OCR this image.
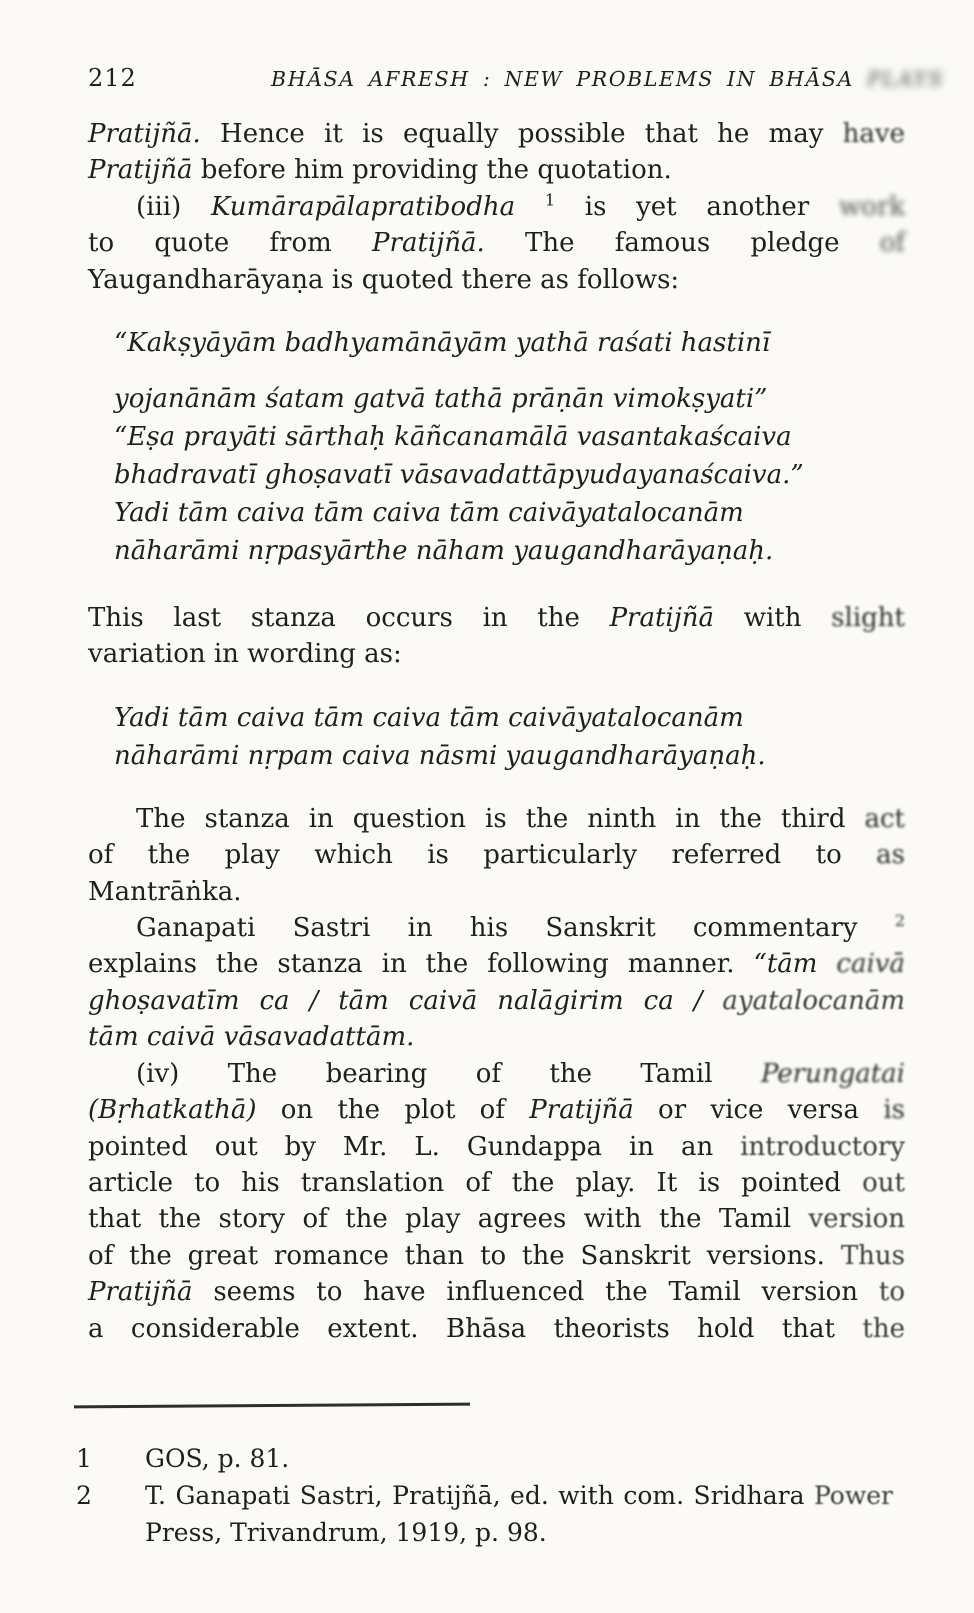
212	BHĀSA AFRESH : NEW PROBLEMS IN BHĀSA PLAYS
Pratijñā. Hence it is equally possible that he may have
Pratijñā before him providing the quotation.
(iii) Kumārapālapratibodha $^1$ is yet another work
to quote from Pratijñā. The famous pledge of
Yaugandharāyaṇa is quoted there as follows:
“Kakṣyāyām badhyamānāyām yathā raśati hastinī
yojanānām śatam gatvā tathā prāṇān vimokṣyati”
“Eṣa prayāti sārthaḥ kāñcanamālā vasantakaścaiva
bhadravatī ghoṣavatī vāsavadattāpyudayanaścaiva.”
Yadi tām caiva tām caiva tām caivāyatalocanām
nāharāmi nṛpasyārthe nāham yaugandharāyaṇaḥ.
This last stanza occurs in the Pratijñā with slight
variation in wording as:
Yadi tām caiva tām caiva tām caivāyatalocanām
nāharāmi nṛpam caiva nāsmi yaugandharāyaṇaḥ.
The stanza in question is the ninth in the third act
of the play which is particularly referred to as
Mantrāṅka.
Ganapati Sastri in his Sanskrit commentary $^2$
explains the stanza in the following manner. “tām caivā
ghoṣavatīm ca / tām caivā nalāgirim ca / ayatalocanām
tām caivā vāsavadattām.
(iv) The bearing of the Tamil Perungatai
(Bṛhatkathā) on the plot of Pratijñā or vice versa is
pointed out by Mr. L. Gundappa in an introductory
article to his translation of the play. It is pointed out
that the story of the play agrees with the Tamil version
of the great romance than to the Sanskrit versions. Thus
Pratijñā seems to have influenced the Tamil version to
a considerable extent. Bhāsa theorists hold that the
1	GOS, p. 81.
2	T. Ganapati Sastri, Pratijñā, ed. with com. Sridhara Power
Press, Trivandrum, 1919, p. 98.
